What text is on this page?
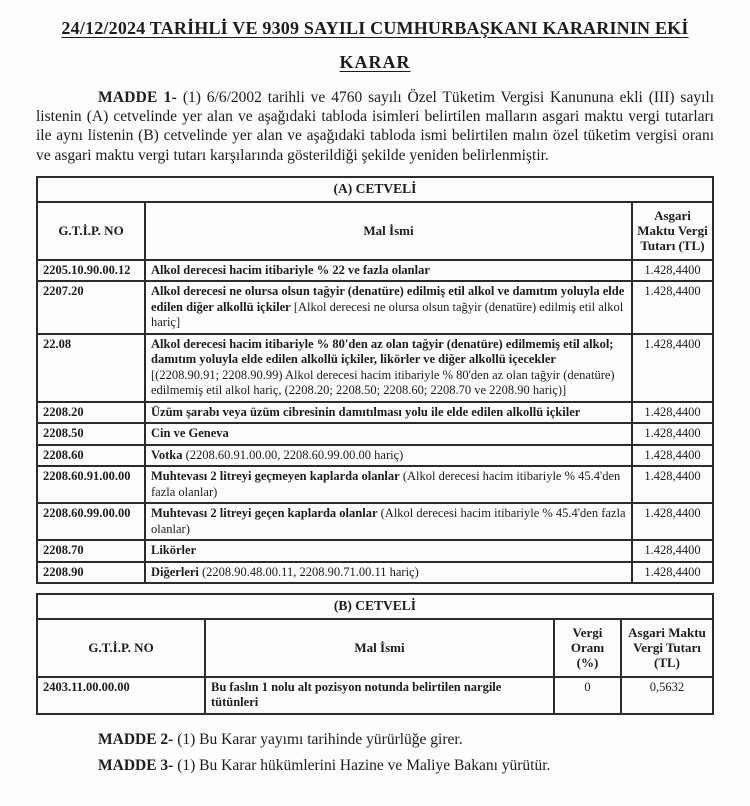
24/12/2024 TARİHLİ VE 9309 SAYILI CUMHURBAŞKANI KARARININ EKİ
KARAR

MADDE 1- (1) 6/6/2002 tarihli ve 4760 sayılı Özel Tüketim Vergisi Kanununa ekli (III) sayılı listenin (A) cetvelinde yer alan ve aşağıdaki tabloda isimleri belirtilen malların asgari maktu vergi tutarları ile aynı listenin (B) cetvelinde yer alan ve aşağıdaki tabloda ismi belirtilen malın özel tüketim vergisi oranı ve asgari maktu vergi tutarı karşılarında gösterildiği şekilde yeniden belirlenmiştir.

(A) CETVELİ		
G.T.İ.P. NO	Mal İsmi	Asgari Maktu Vergi Tutarı (TL)
2205.10.90.00.12	Alkol derecesi hacim itibariyle % 22 ve fazla olanlar	1.428,4400
2207.20	Alkol derecesi ne olursa olsun tağyir (denatüre) edilmiş etil alkol ve damıtım yoluyla elde edilen diğer alkollü içkiler [Alkol derecesi ne olursa olsun tağyir (denatüre) edilmiş etil alkol hariç]	1.428,4400
22.08	Alkol derecesi hacim itibariyle % 80'den az olan tağyir (denatüre) edilmemiş etil alkol; damıtım yoluyla elde edilen alkollü içkiler, likörler ve diğer alkollü içecekler [(2208.90.91; 2208.90.99) Alkol derecesi hacim itibariyle % 80'den az olan tağyir (denatüre) edilmemiş etil alkol hariç, (2208.20; 2208.50; 2208.60; 2208.70 ve 2208.90 hariç)]	1.428,4400
2208.20	Üzüm şarabı veya üzüm cibresinin damıtılması yolu ile elde edilen alkollü içkiler	1.428,4400
2208.50	Cin ve Geneva	1.428,4400
2208.60	Votka (2208.60.91.00.00, 2208.60.99.00.00 hariç)	1.428,4400
2208.60.91.00.00	Muhtevası 2 litreyi geçmeyen kaplarda olanlar (Alkol derecesi hacim itibariyle % 45.4'den fazla olanlar)	1.428,4400
2208.60.99.00.00	Muhtevası 2 litreyi geçen kaplarda olanlar (Alkol derecesi hacim itibariyle % 45.4'den fazla olanlar)	1.428,4400
2208.70	Likörler	1.428,4400
2208.90	Diğerleri (2208.90.48.00.11, 2208.90.71.00.11 hariç)	1.428,4400
(B) CETVELİ			
G.T.İ.P. NO	Mal İsmi	Vergi Oranı (%)	Asgari Maktu Vergi Tutarı (TL)
2403.11.00.00.00	Bu faslın 1 nolu alt pozisyon notunda belirtilen nargile tütünleri	0	0,5632

MADDE 2- (1) Bu Karar yayımı tarihinde yürürlüğe girer.

MADDE 3- (1) Bu Karar hükümlerini Hazine ve Maliye Bakanı yürütür.
